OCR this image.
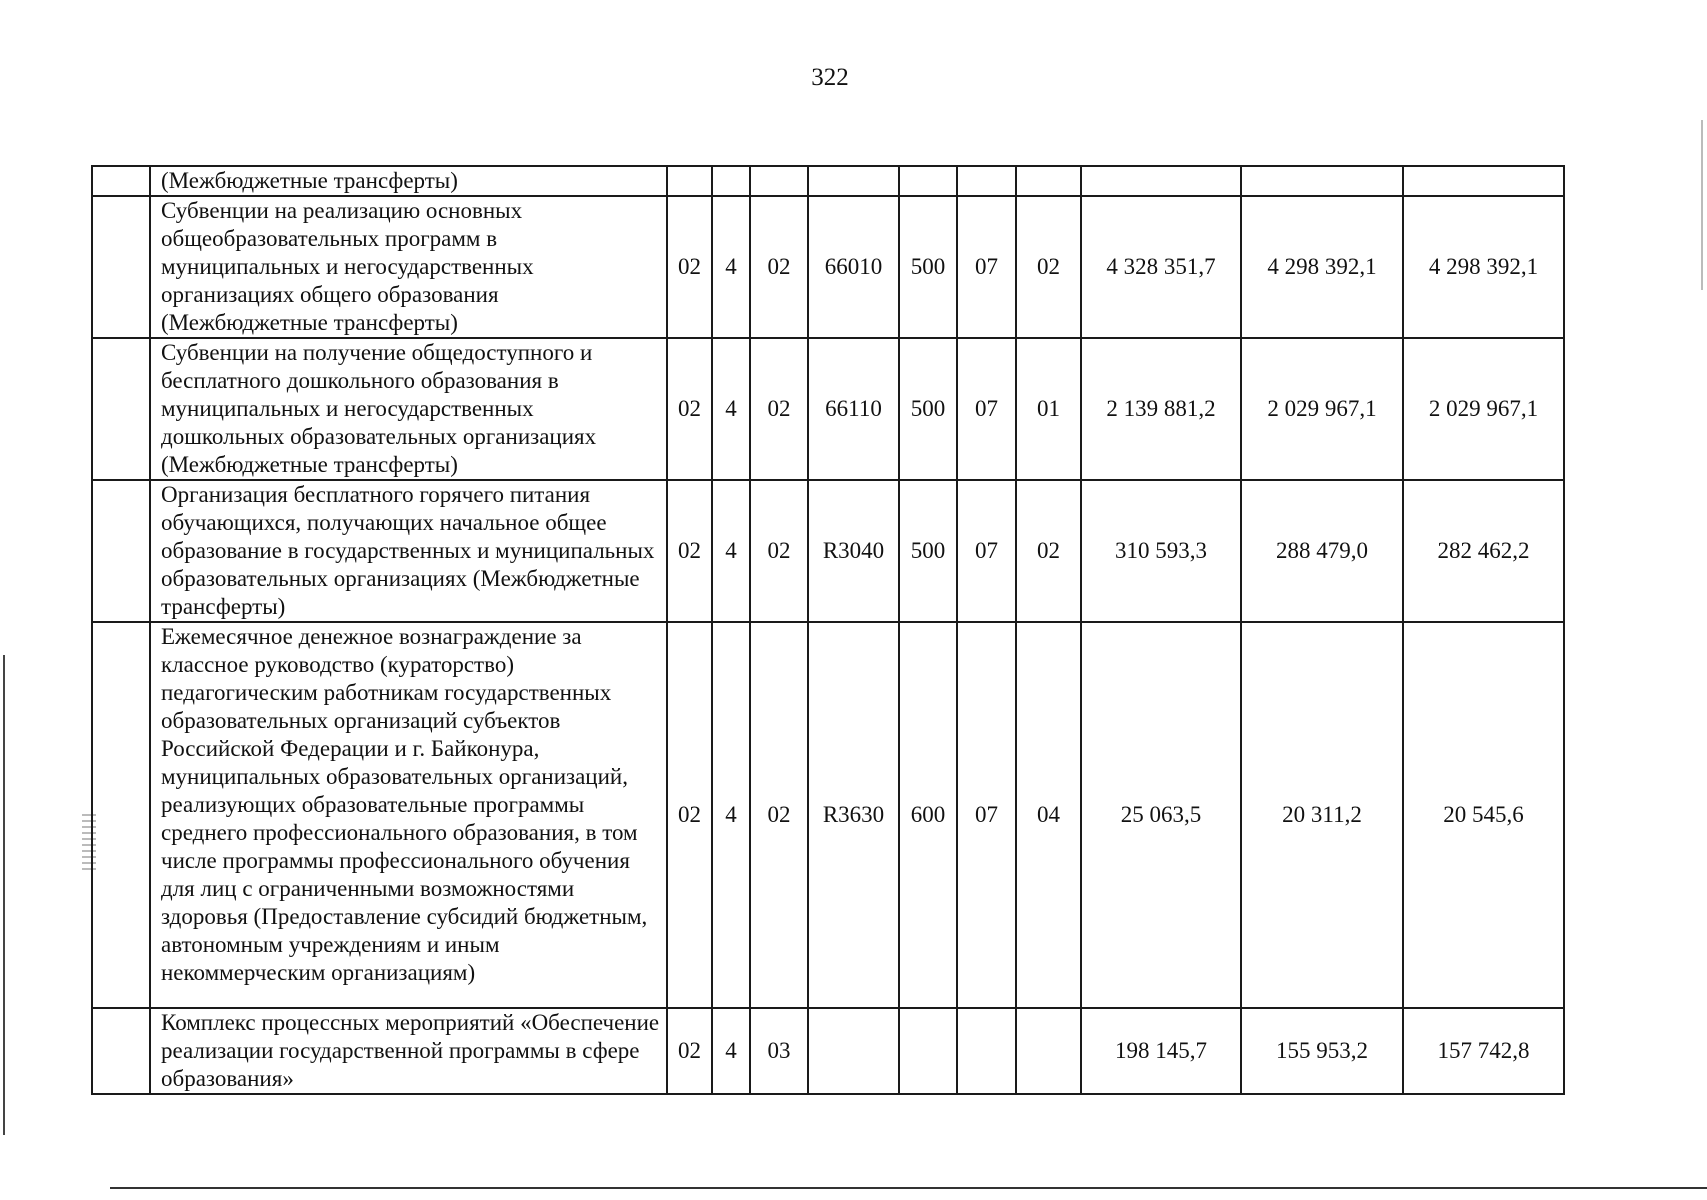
322
	(Межбюджетные трансферты)										
	Субвенции на реализацию основных общеобразовательных программ в муниципальных и негосударственных организациях общего образования (Межбюджетные трансферты)	02	4	02	66010	500	07	02	4 328 351,7	4 298 392,1	4 298 392,1
	Субвенции на получение общедоступного и бесплатного дошкольного образования в муниципальных и негосударственных дошкольных образовательных организациях (Межбюджетные трансферты)	02	4	02	66110	500	07	01	2 139 881,2	2 029 967,1	2 029 967,1
	Организация бесплатного горячего питания обучающихся, получающих начальное общее образование в государственных и муниципальных образовательных организациях (Межбюджетные трансферты)	02	4	02	R3040	500	07	02	310 593,3	288 479,0	282 462,2
	Ежемесячное денежное вознаграждение за классное руководство (кураторство) педагогическим работникам государственных образовательных организаций субъектов Российской Федерации и г. Байконура, муниципальных образовательных организаций, реализующих образовательные программы среднего профессионального образования, в том числе программы профессионального обучения для лиц с ограниченными возможностями здоровья (Предоставление субсидий бюджетным, автономным учреждениям и иным некоммерческим организациям)	02	4	02	R3630	600	07	04	25 063,5	20 311,2	20 545,6
	Комплекс процессных мероприятий «Обеспечение реализации государственной программы в сфере образования»	02	4	03					198 145,7	155 953,2	157 742,8
